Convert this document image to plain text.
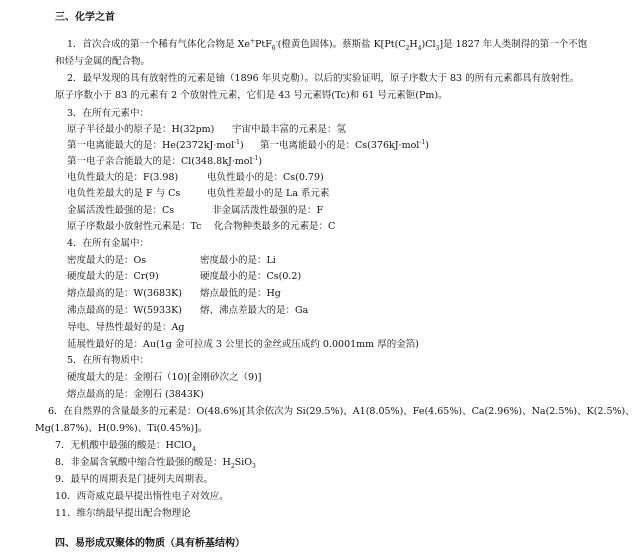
三、化学之首
1．首次合成的第一个稀有气体化合物是 Xe+PtF$_6$-(橙黄色固体)。蔡斯盐 $K[Pt(C_2H_4)Cl_3]$是 1827 年人类制得的第一个不饱
和烃与金属的配合物。
2．最早发现的具有放射性的元素是铀（1896 年贝克勒）。以后的实验证明，原子序数大于 83 的所有元素都具有放射性。
原子序数小于 83 的元素有 2 个放射性元素，它们是 43 号元素锝(Tc)和 61 号元素钷(Pm)。
3．在所有元素中：
原子半径最小的原子是：H(32pm) 宇宙中最丰富的元素是：氢
第一电离能最大的是：He(2372kJ·mol$^{-1}$) 第一电离能最小的是：Cs(376kJ·mol$^{-1}$)
第一电子亲合能最大的是：Cl(348.8kJ·mol$^{-1}$)
电负性最大的是：F(3.98)	电负性最小的是：Cs(0.79)
电负性差最大的是 F 与 Cs	电负性差最小的是 La 系元素
金属活泼性最强的是：Cs	非金属活泼性最强的是：F
原子序数最小放射性元素是：Tc 化合物种类最多的元素是：C
4．在所有金属中：
密度最大的是：Os	密度最小的是：Li
硬度最大的是：Cr(9)	硬度最小的是：Cs(0.2)
熔点最高的是：W(3683K) 熔点最低的是：Hg
沸点最高的是：W(5933K) 熔、沸点差最大的是：Ga
导电、导热性最好的是：Ag
延展性最好的是：Au(1g 金可拉成 3 公里长的金丝或压成约 0.0001mm 厚的金箔)
5．在所有物质中：
硬度最大的是：金刚石（10)[金刚砂次之（9)]
熔点最高的是：金刚石 (3843K)
6．在自然界的含量最多的元素是：O(48.6%)[其余依次为 Si(29.5%)、A1(8.05%)、Fe(4.65%)、Ca(2.96%)、Na(2.5%)、K(2.5%)、
Mg(1.87%)、H(0.9%)、Ti(0.45%)]。
7．无机酸中最强的酸是：HClO$_4$
8．非金属含氧酸中缩合性最强的酸是：$H_2SiO_3$
9．最早的周期表是门捷列夫周期表。
10．西奇威克最早提出惰性电子对效应。
11．维尔纳最早提出配合物理论
四、易形成双聚体的物质（具有桥基结构）
